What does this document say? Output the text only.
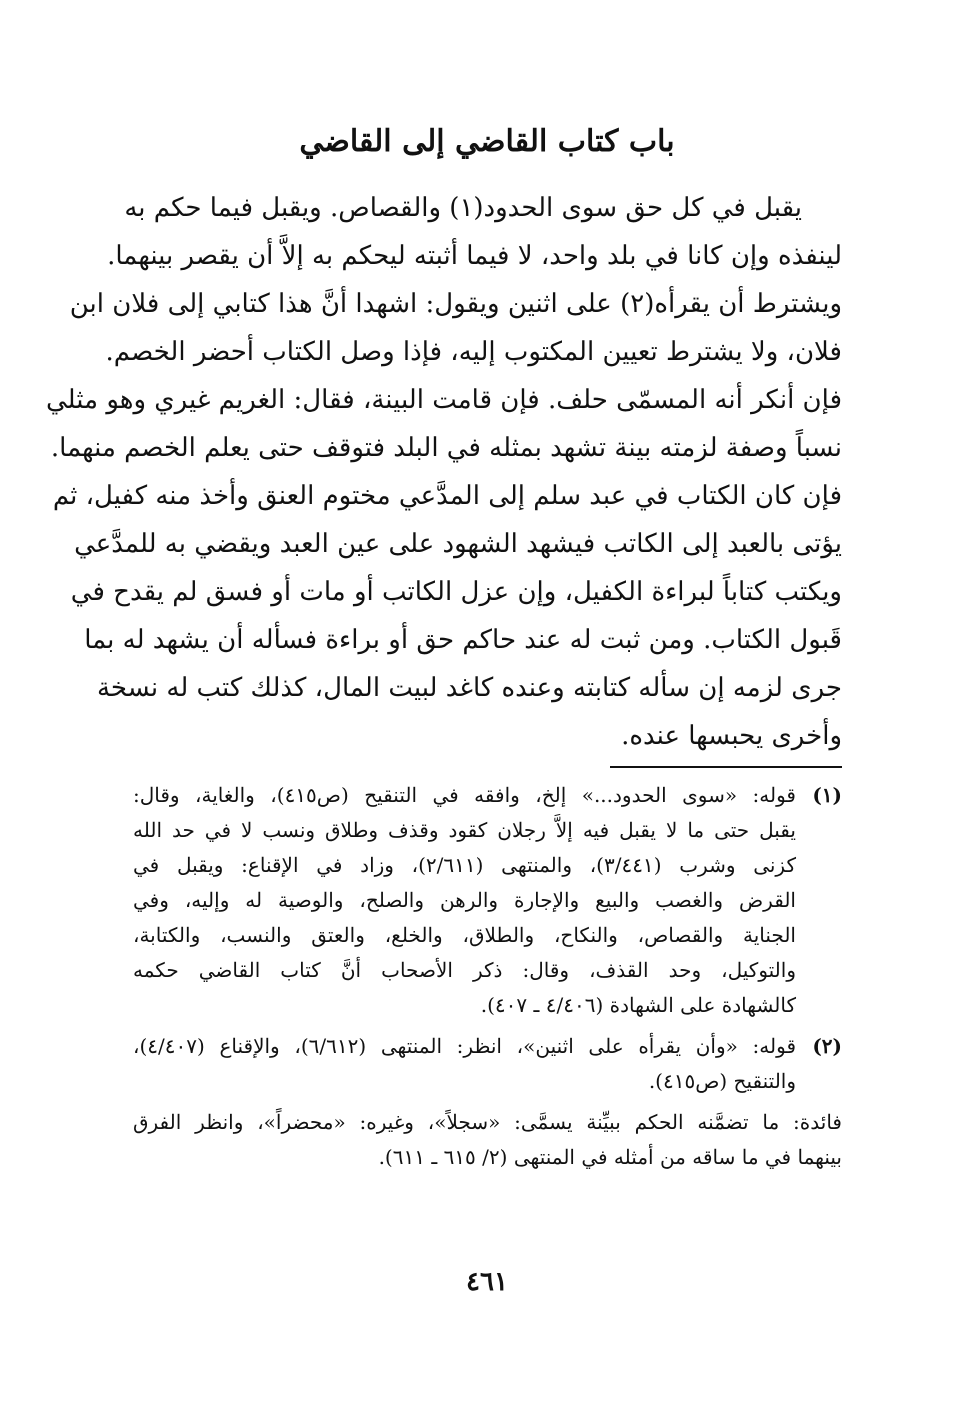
باب كتاب القاضي إلى القاضي
يقبل في كل حق سوى الحدود(١) والقصاص. ويقبل فيما حكم به
لينفذه وإن كانا في بلد واحد، لا فيما أثبته ليحكم به إلاَّ أن يقصر بينهما.
ويشترط أن يقرأه(٢) على اثنين ويقول: اشهدا أنَّ هذا كتابي إلى فلان ابن
فلان، ولا يشترط تعيين المكتوب إليه، فإذا وصل الكتاب أحضر الخصم.
فإن أنكر أنه المسمّى حلف. فإن قامت البينة، فقال: الغريم غيري وهو مثلي
نسباً وصفة لزمته بينة تشهد بمثله في البلد فتوقف حتى يعلم الخصم منهما.
فإن كان الكتاب في عبد سلم إلى المدَّعي مختوم العنق وأخذ منه كفيل، ثم
يؤتى بالعبد إلى الكاتب فيشهد الشهود على عين العبد ويقضي به للمدَّعي
ويكتب كتاباً لبراءة الكفيل، وإن عزل الكاتب أو مات أو فسق لم يقدح في
قَبول الكتاب. ومن ثبت له عند حاكم حق أو براءة فسأله أن يشهد له بما
جرى لزمه إن سأله كتابته وعنده كاغد لبيت المال، كذلك كتب له نسخة
وأخرى يحبسها عنده.
(١)
قوله: «سوى الحدود...» إلخ، وافقه في التنقيح (ص٤١٥)، والغاية، وقال:
يقبل حتى ما لا يقبل فيه إلاَّ رجلان كقود وقذف وطلاق ونسب لا في حد الله
كزنى وشرب (٣/٤٤١)، والمنتهى (٢/٦١١)، وزاد في الإقناع: ويقبل في
القرض والغصب والبيع والإجارة والرهن والصلح، والوصية له وإليه، وفي
الجناية والقصاص، والنكاح، والطلاق، والخلع، والعتق والنسب، والكتابة،
والتوكيل، وحد القذف، وقال: ذكر الأصحاب أنَّ كتاب القاضي حكمه
كالشهادة على الشهادة (٤/٤٠٦ ـ ٤٠٧).
(٢)
قوله: «وأن يقرأه على اثنين»، انظر: المنتهى (٦/٦١٢)، والإقناع (٤/٤٠٧)،
والتنقيح (ص٤١٥).
فائدة: ما تضمَّنه الحكم ببيِّنة يسمَّى: «سجلاً»، وغيره: «محضراً»، وانظر الفرق
بينهما في ما ساقه من أمثله في المنتهى (٢/ ٦١٥ ـ ٦١١).
٤٦١
